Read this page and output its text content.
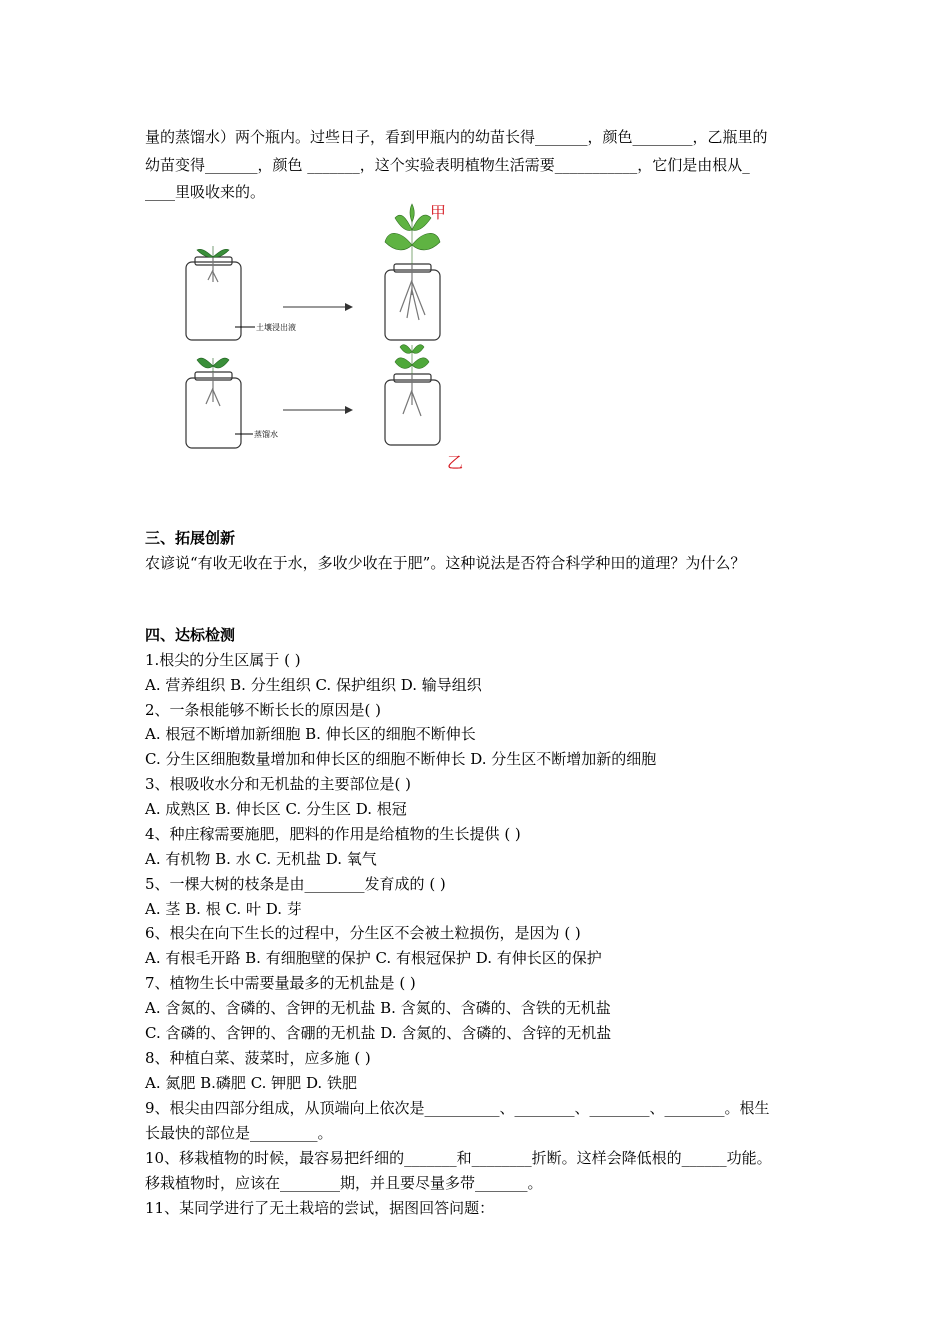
量的蒸馏水）两个瓶内。过些日子，看到甲瓶内的幼苗长得_______，颜色________，乙瓶里的
幼苗变得_______，颜色 _______，这个实验表明植物生活需要___________，它们是由根从_
____里吸收来的。
土壤浸出液
甲
蒸馏水
乙
三、拓展创新
农谚说“有收无收在于水，多收少收在于肥”。这种说法是否符合科学种田的道理？为什么？
四、达标检测
1.根尖的分生区属于 ( )
A. 营养组织 B. 分生组织 C. 保护组织 D. 输导组织
2、一条根能够不断长长的原因是( )
A. 根冠不断增加新细胞 B. 伸长区的细胞不断伸长
C. 分生区细胞数量增加和伸长区的细胞不断伸长 D. 分生区不断增加新的细胞
3、根吸收水分和无机盐的主要部位是( )
A. 成熟区 B. 伸长区 C. 分生区 D. 根冠
4、种庄稼需要施肥，肥料的作用是给植物的生长提供 ( )
A. 有机物 B. 水 C. 无机盐 D. 氧气
5、一棵大树的枝条是由________发育成的 ( )
A. 茎 B. 根 C. 叶 D. 芽
6、根尖在向下生长的过程中，分生区不会被土粒损伤，是因为 ( )
A. 有根毛开路 B. 有细胞壁的保护 C. 有根冠保护 D. 有伸长区的保护
7、植物生长中需要量最多的无机盐是 ( )
A. 含氮的、含磷的、含钾的无机盐 B. 含氮的、含磷的、含铁的无机盐
C. 含磷的、含钾的、含硼的无机盐 D. 含氮的、含磷的、含锌的无机盐
8、种植白菜、菠菜时，应多施 ( )
A. 氮肥 B.磷肥 C. 钾肥 D. 铁肥
9、根尖由四部分组成，从顶端向上依次是__________、________、________、________。根生
长最快的部位是_________。
10、移栽植物的时候，最容易把纤细的_______和________折断。这样会降低根的______功能。
移栽植物时，应该在________期，并且要尽量多带_______。
11、某同学进行了无土栽培的尝试，据图回答问题：
